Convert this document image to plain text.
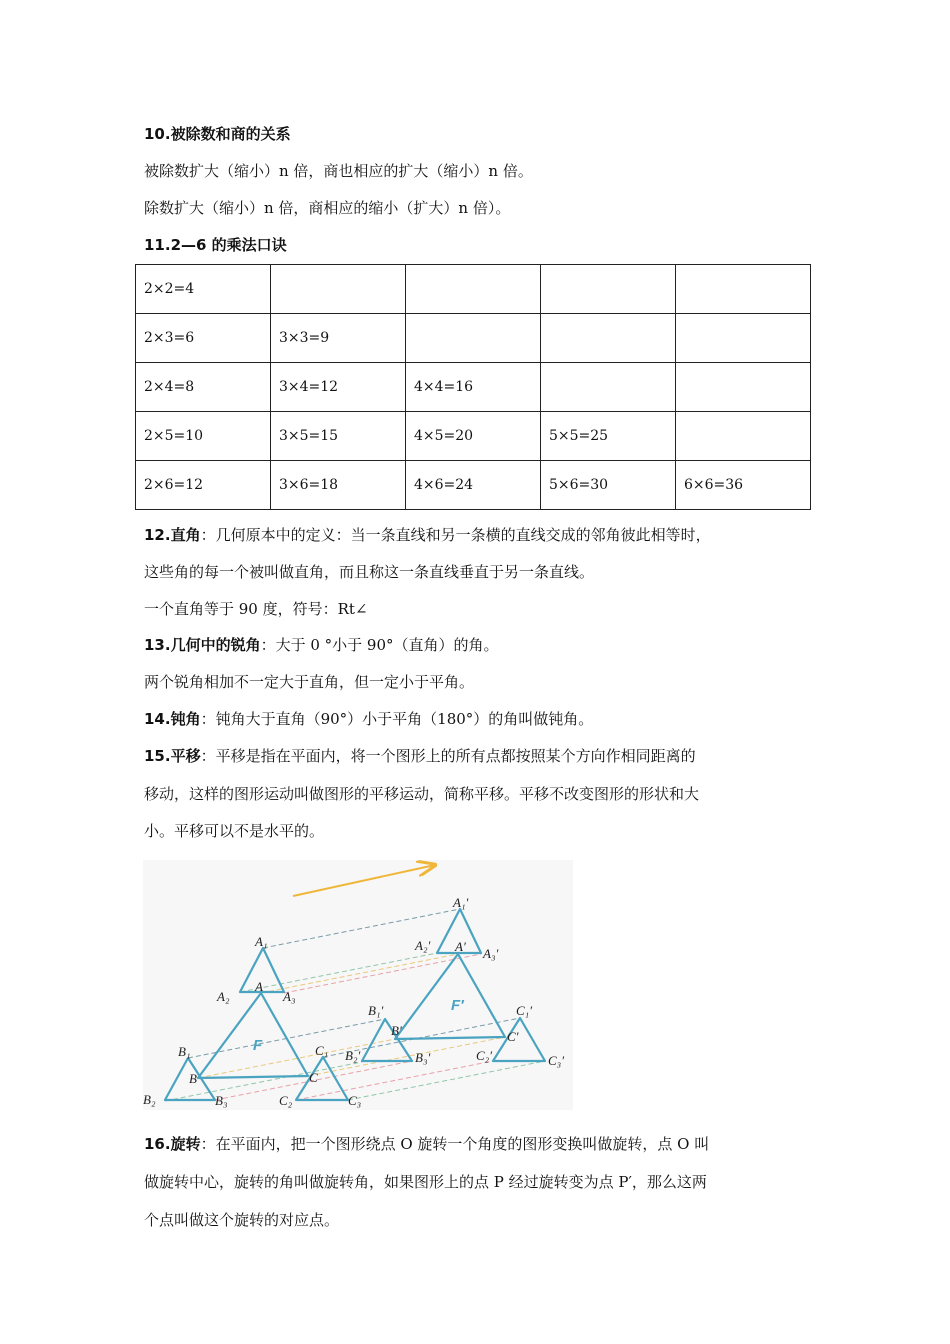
10.被除数和商的关系
被除数扩大（缩小）n 倍，商也相应的扩大（缩小）n 倍。
除数扩大（缩小）n 倍，商相应的缩小（扩大）n 倍）。
11.2—6 的乘法口诀
2×2=4				
2×3=6	3×3=9			
2×4=8	3×4=12	4×4=16		
2×5=10	3×5=15	4×5=20	5×5=25	
2×6=12	3×6=18	4×6=24	5×6=30	6×6=36
12.直角：几何原本中的定义：当一条直线和另一条横的直线交成的邻角彼此相等时，
这些角的每一个被叫做直角，而且称这一条直线垂直于另一条直线。
一个直角等于 90 度，符号：Rt∠
13.几何中的锐角：大于 0 °小于 90°（直角）的角。
两个锐角相加不一定大于直角，但一定小于平角。
14.钝角：钝角大于直角（90°）小于平角（180°）的角叫做钝角。
15.平移：平移是指在平面内，将一个图形上的所有点都按照某个方向作相同距离的
移动，这样的图形运动叫做图形的平移运动，简称平移。平移不改变图形的形状和大
小。平移可以不是水平的。
F
F′
A₁′
A₂′ A′ A₃′
A₁
A₂
A
A₃
B₁′
B′
B₂′	B₃′
C₁′
C′
C₂′	C₃′
B₁
B
B₂	B₃
C₁
C
C₂	C₃
16.旋转：在平面内，把一个图形绕点 O 旋转一个角度的图形变换叫做旋转，点 O 叫
做旋转中心，旋转的角叫做旋转角，如果图形上的点 P 经过旋转变为点 P′，那么这两
个点叫做这个旋转的对应点。
